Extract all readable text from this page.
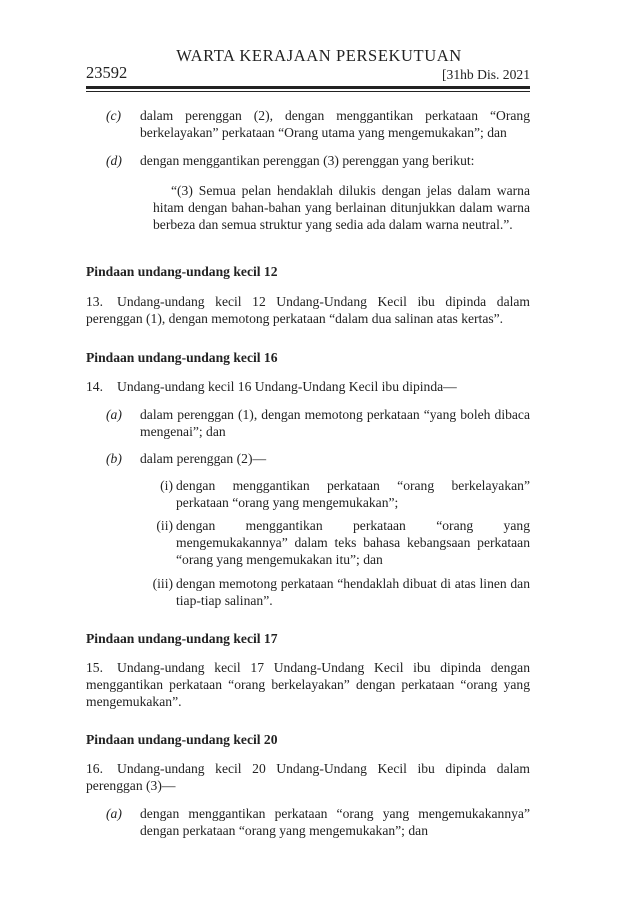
WARTA KERAJAAN PERSEKUTUAN
23592	[31hb Dis. 2021
(c) dalam perenggan (2), dengan menggantikan perkataan “Orang berkelayakan” perkataan “Orang utama yang mengemukakan”; dan
(d) dengan menggantikan perenggan (3) perenggan yang berikut:
“(3) Semua pelan hendaklah dilukis dengan jelas dalam warna hitam dengan bahan-bahan yang berlainan ditunjukkan dalam warna berbeza dan semua struktur yang sedia ada dalam warna neutral.”.
Pindaan undang-undang kecil 12
13. Undang-undang kecil 12 Undang-Undang Kecil ibu dipinda dalam perenggan (1), dengan memotong perkataan “dalam dua salinan atas kertas”.
Pindaan undang-undang kecil 16
14. Undang-undang kecil 16 Undang-Undang Kecil ibu dipinda—
(a) dalam perenggan (1), dengan memotong perkataan “yang boleh dibaca mengenai”; dan
(b) dalam perenggan (2)—
(i) dengan menggantikan perkataan “orang berkelayakan” perkataan “orang yang mengemukakan”;
(ii) dengan menggantikan perkataan “orang yang mengemukakannya” dalam teks bahasa kebangsaan perkataan “orang yang mengemukakan itu”; dan
(iii) dengan memotong perkataan “hendaklah dibuat di atas linen dan tiap-tiap salinan”.
Pindaan undang-undang kecil 17
15. Undang-undang kecil 17 Undang-Undang Kecil ibu dipinda dengan menggantikan perkataan “orang berkelayakan” dengan perkataan “orang yang mengemukakan”.
Pindaan undang-undang kecil 20
16. Undang-undang kecil 20 Undang-Undang Kecil ibu dipinda dalam perenggan (3)—
(a) dengan menggantikan perkataan “orang yang mengemukakannya” dengan perkataan “orang yang mengemukakan”; dan
